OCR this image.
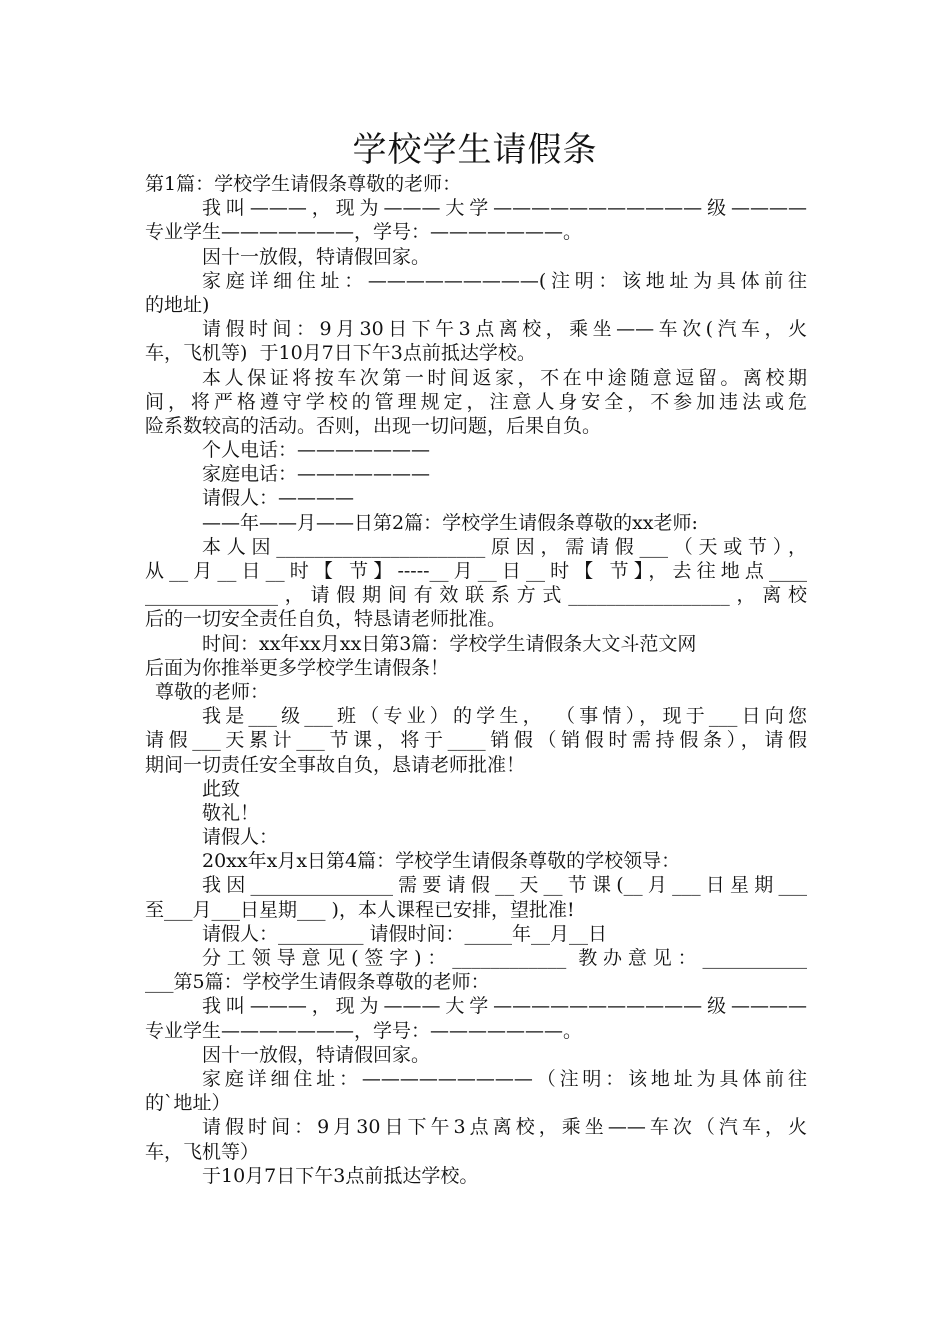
学校学生请假条
第1篇：学校学生请假条尊敬的老师：
我叫———，现为———大学———————————级————
专业学生———————，学号：———————。
因十一放假，特请假回家。
家庭详细住址：—————————(注明：该地址为具体前往
的地址)
请假时间：9月30日下午3点离校，乘坐——车次(汽车，火
车，飞机等)  于10月7日下午3点前抵达学校。
本人保证将按车次第一时间返家，不在中途随意逗留。离校期
间，将严格遵守学校的管理规定，注意人身安全，不参加违法或危
险系数较高的活动。否则，出现一切问题，后果自负。
个人电话：———————
家庭电话：———————
请假人：————
——年——月——日第2篇：学校学生请假条尊敬的xx老师:
本人因______________________原因，需请假___（天或节），
从__月__日__时【 节】-----__月__日__时【 节】，去往地点____
______________，请假期间有效联系方式_________________，离校
后的一切安全责任自负，特恳请老师批准。
时间：xx年xx月xx日第3篇：学校学生请假条大文斗范文网
后面为你推举更多学校学生请假条！
尊敬的老师：
我是___级___班（专业）的学生， （事情），现于___日向您
请假___天累计___节课，将于____销假（销假时需持假条），请假
期间一切责任安全事故自负，恳请老师批准！
此致
敬礼！
请假人：
20xx年x月x日第4篇：学校学生请假条尊敬的学校领导：
我因_______________需要请假__天__节课(__月___日星期___
至___月___日星期___ )，本人课程已安排，望批准!
请假人：_________ 请假时间：_____年__月__日
分工领导意见(签字)：____________ 教办意见：___________
___第5篇：学校学生请假条尊敬的老师：
我叫———，现为———大学———————————级————
专业学生———————，学号：———————。
因十一放假，特请假回家。
家庭详细住址：—————————（注明：该地址为具体前往
的`地址）
请假时间：9月30日下午3点离校，乘坐——车次（汽车，火
车，飞机等）
于10月7日下午3点前抵达学校。
